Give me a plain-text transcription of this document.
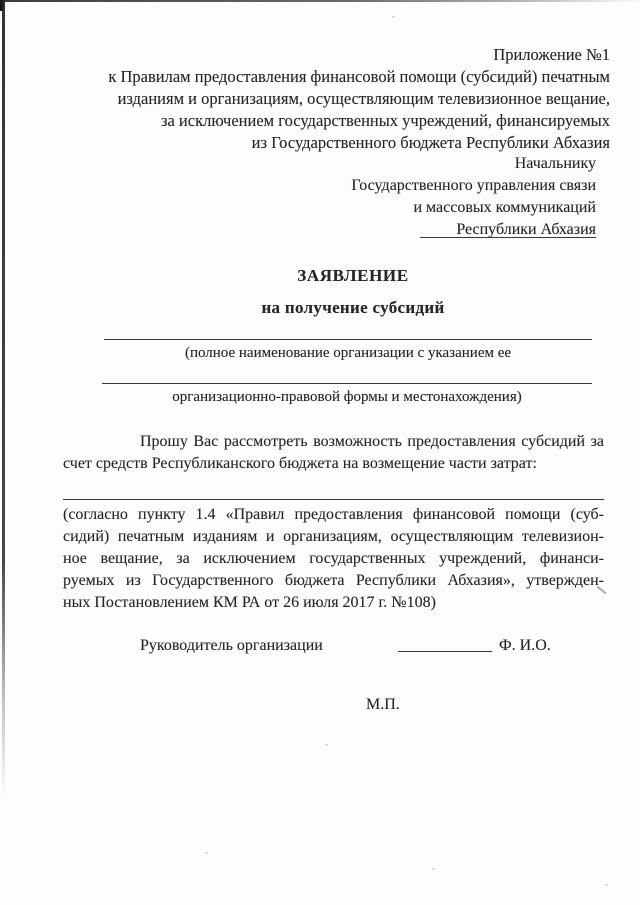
Приложение №1
к Правилам предоставления финансовой помощи (субсидий) печатным
изданиям и организациям, осуществляющим телевизионное вещание,
за исключением государственных учреждений, финансируемых
из Государственного бюджета Республики Абхазия
Начальнику
Государственного управления связи
и массовых коммуникаций
Республики Абхазия
ЗАЯВЛЕНИЕ
на получение субсидий
(полное наименование организации с указанием ее
организационно-правовой формы и местонахождения)
Прошу Вас рассмотреть возможность предоставления субсидий за
счет средств Республиканского бюджета на возмещение части затрат:
(согласно пункту 1.4 «Правил предоставления финансовой помощи (суб-
сидий) печатным изданиям и организациям, осуществляющим телевизион-
ное вещание, за исключением государственных учреждений, финанси-
руемых из Государственного бюджета Республики Абхазия», утвержден-
ных Постановлением КМ РА от 26 июля 2017 г. №108)
Руководитель организации	Ф. И.О.
М.П.
